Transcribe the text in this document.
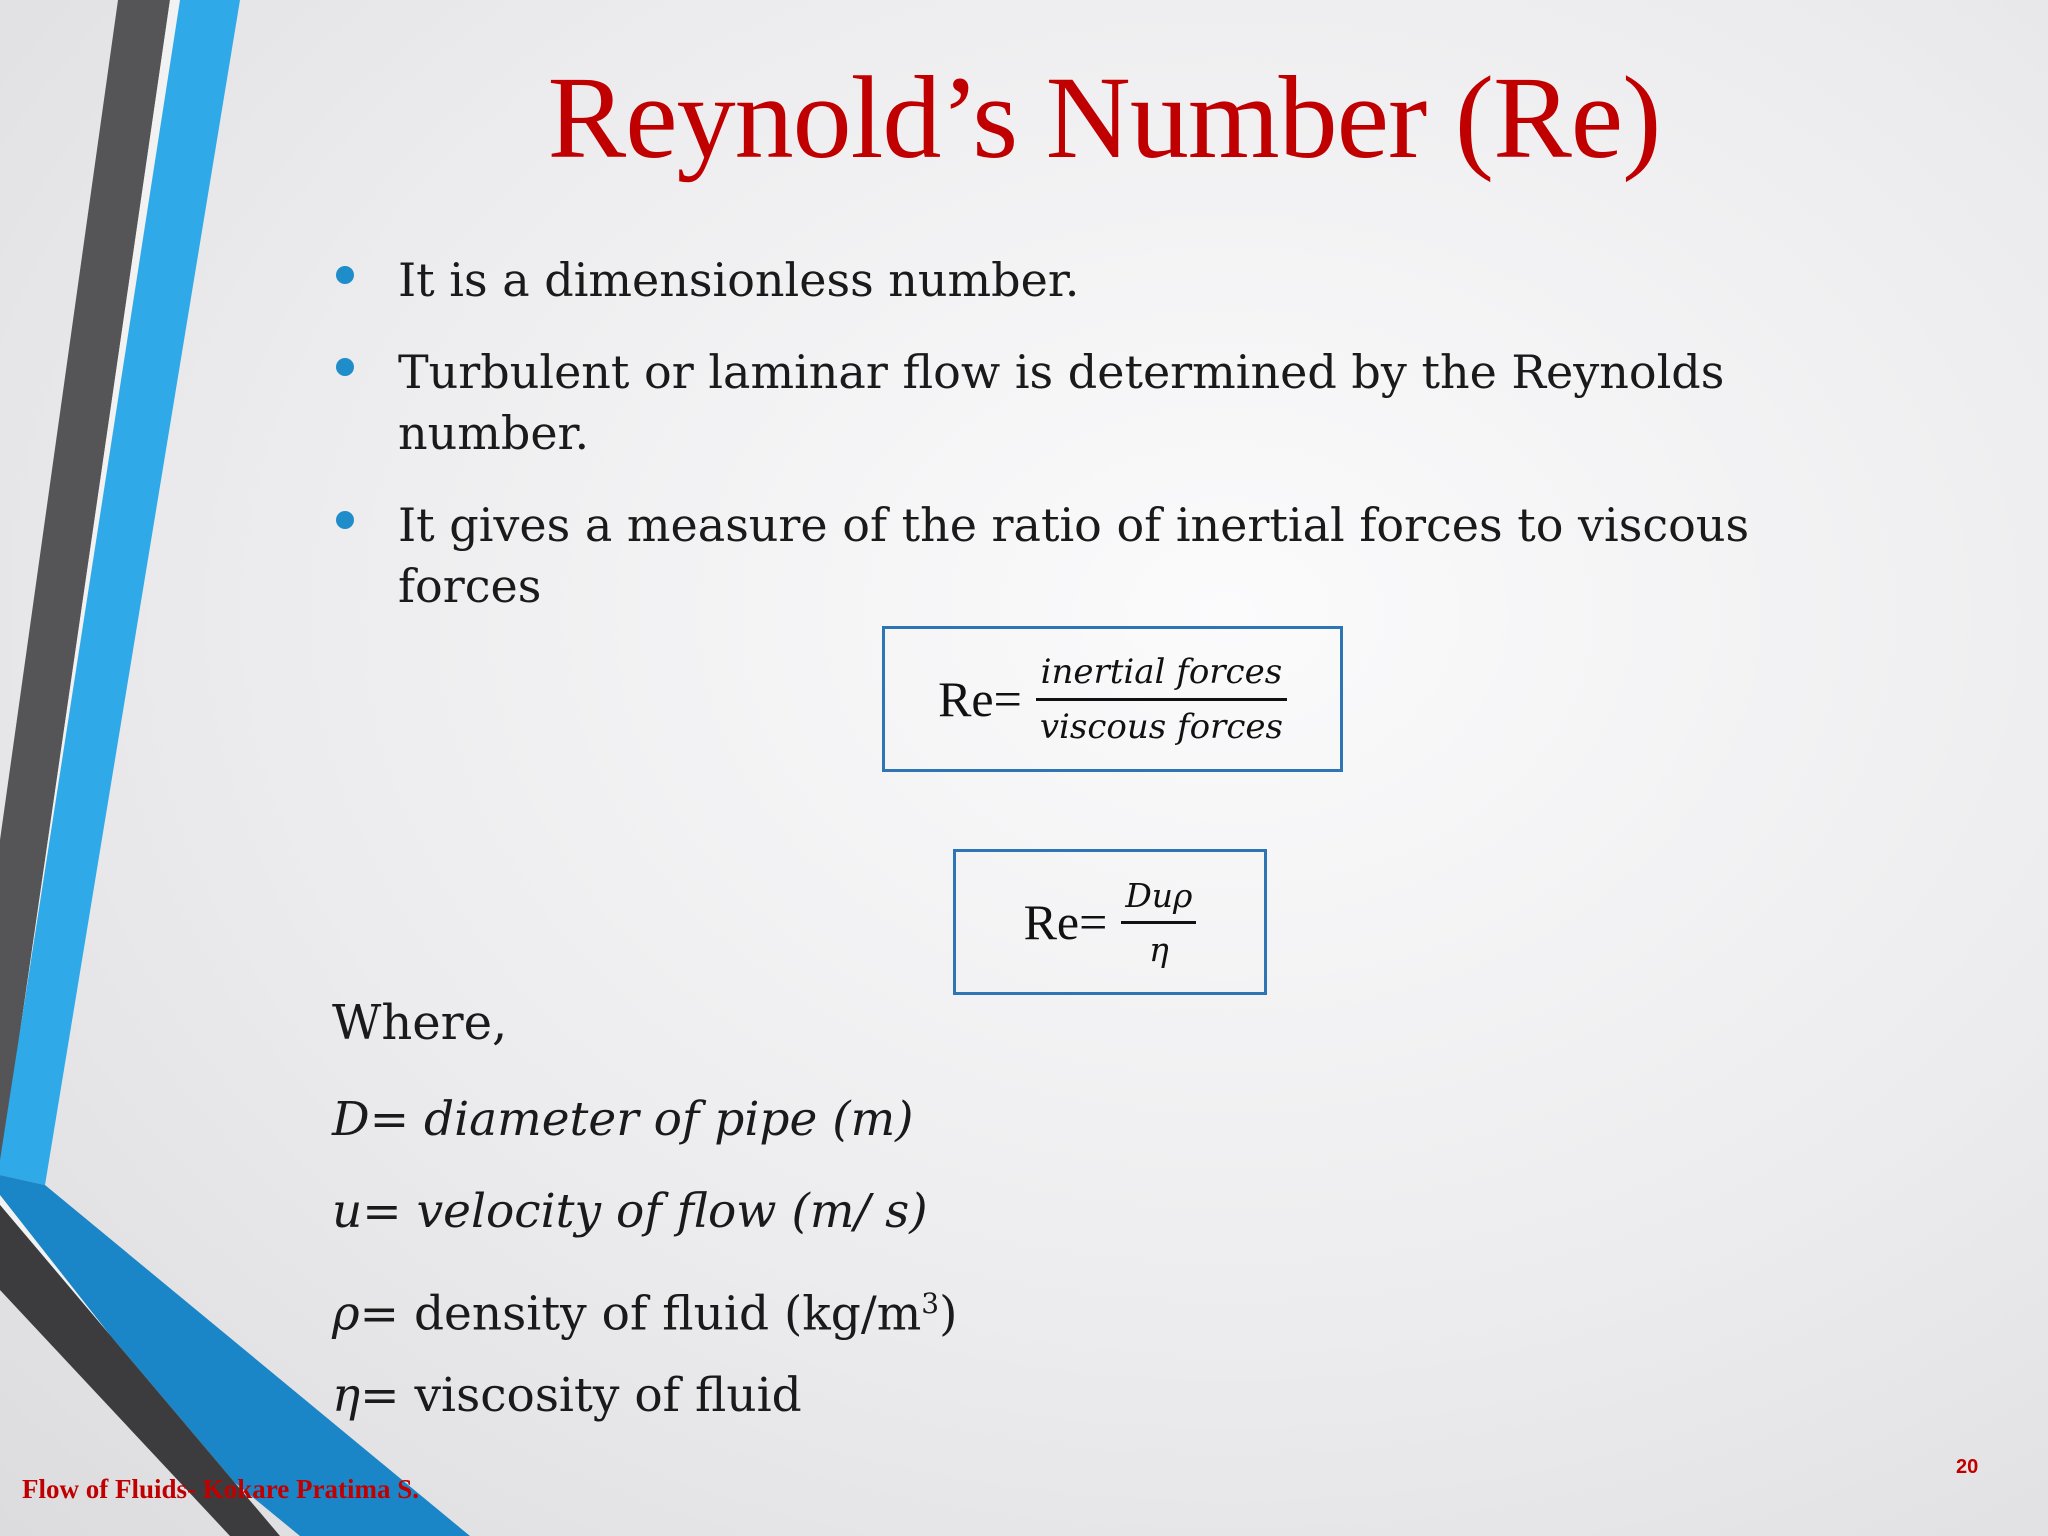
Reynold’s Number (Re)
It is a dimensionless number.
Turbulent or laminar flow is determined by the Reynolds number.
It gives a measure of the ratio of inertial forces to viscous forces
$Re= \frac{\text{inertial forces}}{\text{viscous forces}}$
$Re= \frac{\text{Duρ}}{\eta}$
Where,
D= diameter of pipe (m)
u= velocity of flow (m/ s)
ρ= density of fluid $(kg/m^3)$
η= viscosity of fluid
Flow of Fluids- Kokare Pratima S.
20
